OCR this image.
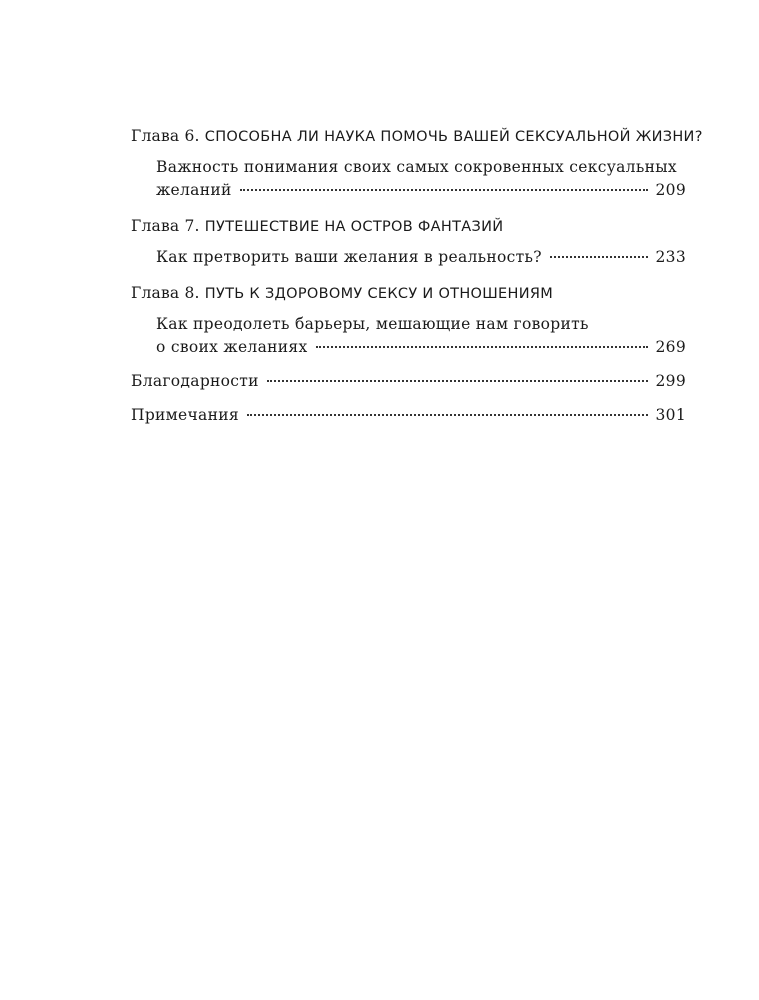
Глава 6. СПОСОБНА ЛИ НАУКА ПОМОЧЬ ВАШЕЙ СЕКСУАЛЬНОЙ ЖИЗНИ?
Важность понимания своих самых сокровенных сексуальных
желаний	209
Глава 7. ПУТЕШЕСТВИЕ НА ОСТРОВ ФАНТАЗИЙ
Как претворить ваши желания в реальность?	233
Глава 8. ПУТЬ К ЗДОРОВОМУ СЕКСУ И ОТНОШЕНИЯМ
Как преодолеть барьеры, мешающие нам говорить
о своих желаниях	269
Благодарности	299
Примечания	301
